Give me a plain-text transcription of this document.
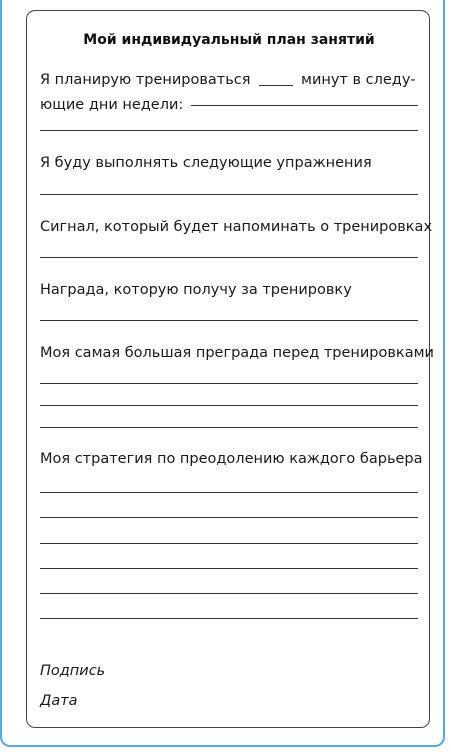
Мой индивидуальный план занятий
Я планирую тренироваться	минут в следу-
ющие дни недели:
Я буду выполнять следующие упражнения
Сигнал, который будет напоминать о тренировках
Награда, которую получу за тренировку
Моя самая большая преграда перед тренировками
Моя стратегия по преодолению каждого барьера
Подпись
Дата
